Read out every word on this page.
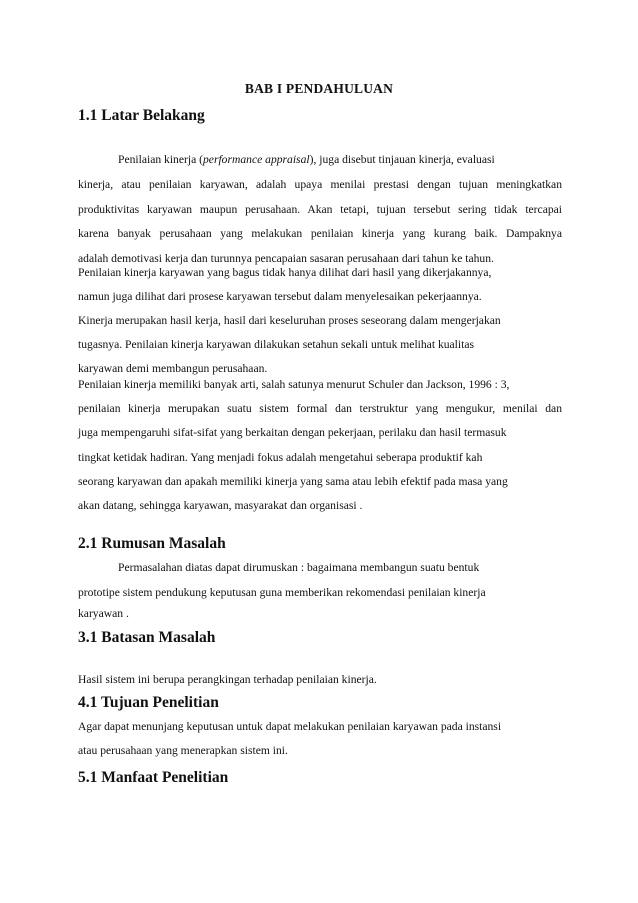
BAB I PENDAHULUAN
1.1 Latar Belakang
Penilaian kinerja (performance appraisal), juga disebut tinjauan kinerja, evaluasi
kinerja, atau penilaian karyawan, adalah upaya menilai prestasi dengan tujuan meningkatkan
produktivitas karyawan maupun perusahaan. Akan tetapi, tujuan tersebut sering tidak tercapai
karena banyak perusahaan yang melakukan penilaian kinerja yang kurang baik. Dampaknya
adalah demotivasi kerja dan turunnya pencapaian sasaran perusahaan dari tahun ke tahun.
Penilaian kinerja karyawan yang bagus tidak hanya dilihat dari hasil yang dikerjakannya,
namun juga dilihat dari prosese karyawan tersebut dalam menyelesaikan pekerjaannya.
Kinerja merupakan hasil kerja, hasil dari keseluruhan proses seseorang dalam mengerjakan
tugasnya. Penilaian kinerja karyawan dilakukan setahun sekali untuk melihat kualitas
karyawan demi membangun perusahaan.
Penilaian kinerja memiliki banyak arti, salah satunya menurut Schuler dan Jackson, 1996 : 3,
penilaian kinerja merupakan suatu sistem formal dan terstruktur yang mengukur, menilai dan
juga mempengaruhi sifat-sifat yang berkaitan dengan pekerjaan, perilaku dan hasil termasuk
tingkat ketidak hadiran. Yang menjadi fokus adalah mengetahui seberapa produktif kah
seorang karyawan dan apakah memiliki kinerja yang sama atau lebih efektif pada masa yang
akan datang, sehingga karyawan, masyarakat dan organisasi .
2.1 Rumusan Masalah
Permasalahan diatas dapat dirumuskan : bagaimana membangun suatu bentuk
prototipe sistem pendukung keputusan guna memberikan rekomendasi penilaian kinerja
karyawan .
3.1 Batasan Masalah
Hasil sistem ini berupa perangkingan terhadap penilaian kinerja.
4.1 Tujuan Penelitian
Agar dapat menunjang keputusan untuk dapat melakukan penilaian karyawan pada instansi
atau perusahaan yang menerapkan sistem ini.
5.1 Manfaat Penelitian
